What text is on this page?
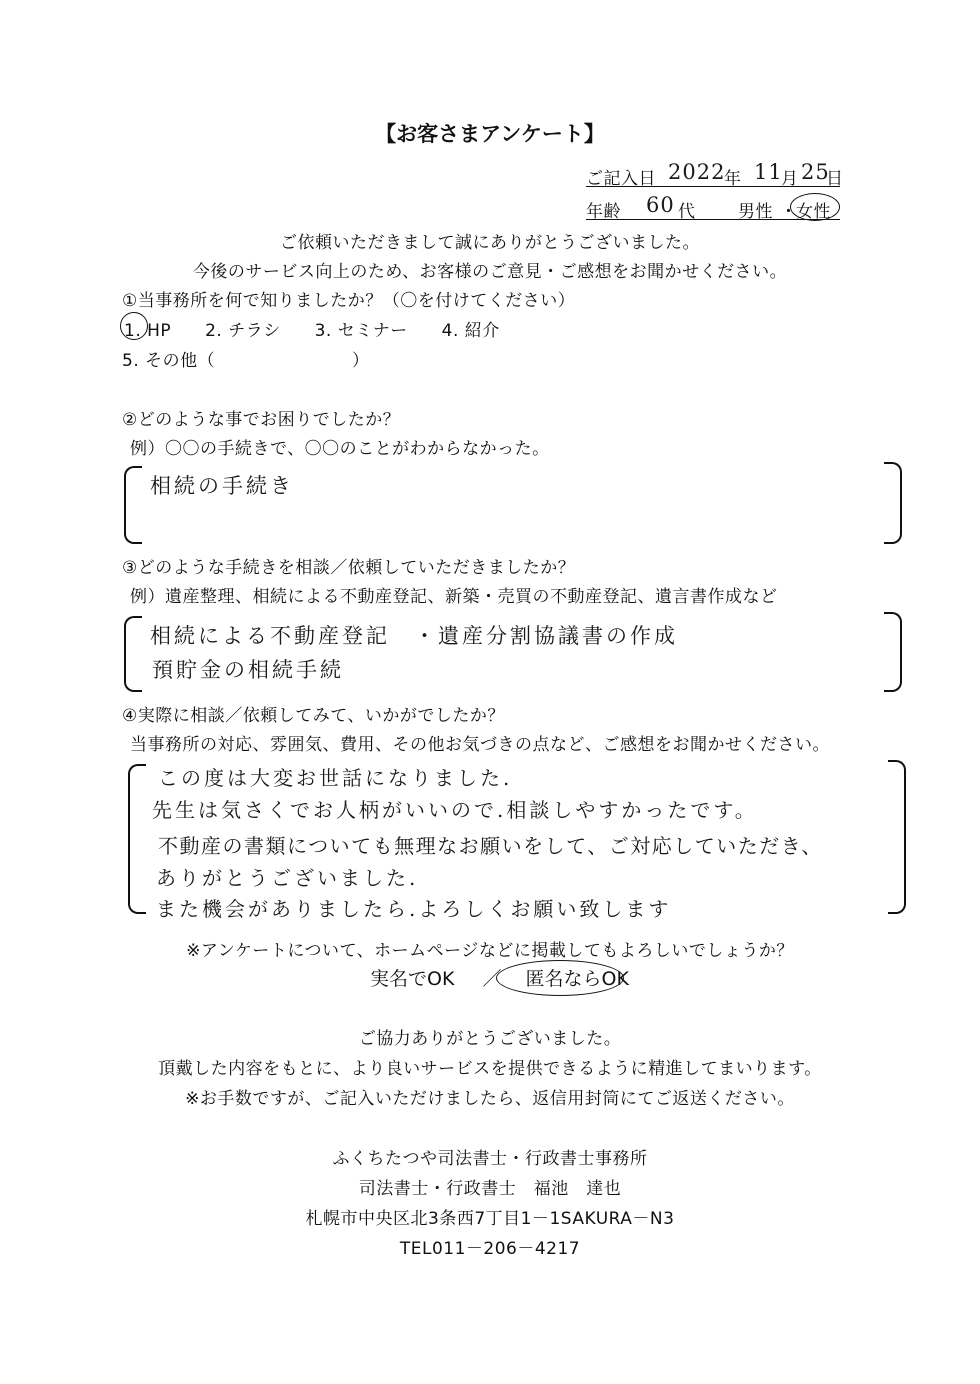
【お客さまアンケート】
ご記入日 2022
年 11
月 25
日
年齢 60 代	男性 ・
女性
ご依頼いただきまして誠にありがとうございました。
今後のサービス向上のため、お客様のご意見・ご感想をお聞かせください。
①当事務所を何で知りましたか？（〇を付けてください）
1. HP 2. チラシ 3. セミナー 4. 紹介
5. その他（	）
②どのような事でお困りでしたか？
例）〇〇の手続きで、〇〇のことがわからなかった。
相続の手続き
③どのような手続きを相談／依頼していただきましたか？
例）遺産整理、相続による不動産登記、新築・売買の不動産登記、遺言書作成など
相続による不動産登記　・遺産分割協議書の作成
預貯金の相続手続
④実際に相談／依頼してみて、いかがでしたか？
当事務所の対応、雰囲気、費用、その他お気づきの点など、ご感想をお聞かせください。
この度は大変お世話になりました.
先生は気さくでお人柄がいいので.相談しやすかったです。
不動産の書類についても無理なお願いをして、ご対応していただき、
ありがとうございました.
また機会がありましたら.よろしくお願い致します
※アンケートについて、ホームページなどに掲載してもよろしいでしょうか？
実名でOK ／ 匿名ならOK
ご協力ありがとうございました。
頂戴した内容をもとに、より良いサービスを提供できるように精進してまいります。
※お手数ですが、ご記入いただけましたら、返信用封筒にてご返送ください。
ふくちたつや司法書士・行政書士事務所
司法書士・行政書士　福池　達也
札幌市中央区北3条西7丁目1－1SAKURA－N3
TEL011－206－4217
